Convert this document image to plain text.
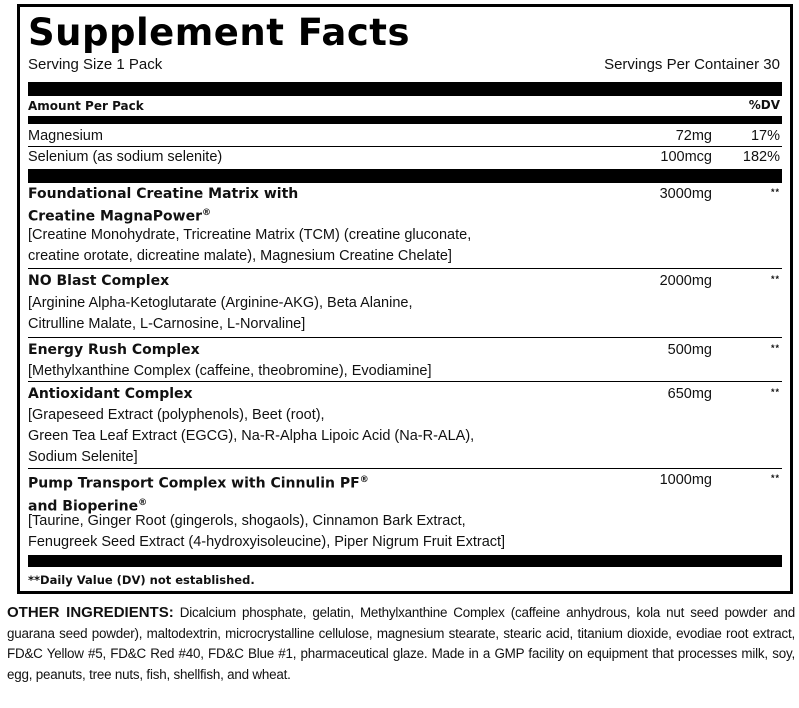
Supplement Facts
Serving Size 1 Pack	Servings Per Container 30
Amount Per Pack	%DV
Magnesium	72mg	17%
Selenium (as sodium selenite)	100mcg 182%
Foundational Creatine Matrix with
Creatine MagnaPower®
3000mg	**
[Creatine Monohydrate, Tricreatine Matrix (TCM) (creatine gluconate,
creatine orotate, dicreatine malate), Magnesium Creatine Chelate]
NO Blast Complex	2000mg	**
[Arginine Alpha-Ketoglutarate (Arginine-AKG), Beta Alanine,
Citrulline Malate, L-Carnosine, L-Norvaline]
Energy Rush Complex	500mg	**
[Methylxanthine Complex (caffeine, theobromine), Evodiamine]
Antioxidant Complex	650mg	**
[Grapeseed Extract (polyphenols), Beet (root),
Green Tea Leaf Extract (EGCG), Na-R-Alpha Lipoic Acid (Na-R-ALA),
Sodium Selenite]
Pump Transport Complex with Cinnulin PF®
and Bioperine®
1000mg	**
[Taurine, Ginger Root (gingerols, shogaols), Cinnamon Bark Extract,
Fenugreek Seed Extract (4-hydroxyisoleucine), Piper Nigrum Fruit Extract]
**Daily Value (DV) not established.
OTHER INGREDIENTS: Dicalcium phosphate, gelatin, Methylxanthine Complex (caffeine anhydrous, kola nut seed powder and guarana seed powder), maltodextrin, microcrystalline cellulose, magnesium stearate, stearic acid, titanium dioxide, evodiae root extract, FD&C Yellow #5, FD&C Red #40, FD&C Blue #1, pharmaceutical glaze. Made in a GMP facility on equipment that processes milk, soy, egg, peanuts, tree nuts, fish, shellfish, and wheat.
